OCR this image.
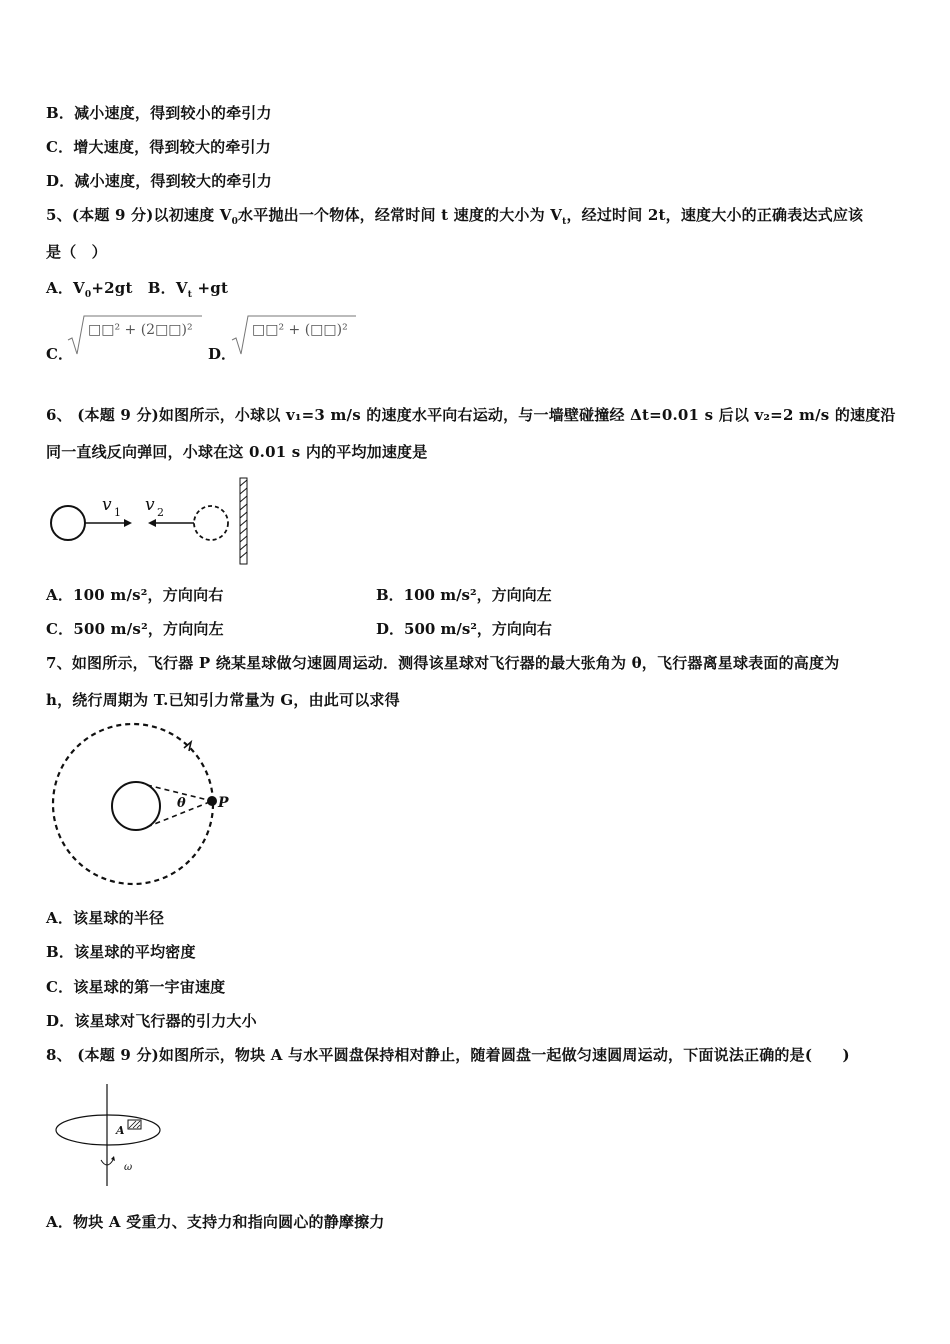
B．减小速度，得到较小的牵引力
C．增大速度，得到较大的牵引力
D．减小速度，得到较大的牵引力
5、(本题 9 分)以初速度 $V_0$水平抛出一个物体，经常时间 t 速度的大小为 $V_t$，经过时间 2t，速度大小的正确表达式应该
是（　）
A．$V_0+2gt$　B．$V_t +gt$
C．
□□² + (2□□)²
D．
□□² + (□□)²
6、 (本题 9 分)如图所示，小球以 v₁=3 m/s 的速度水平向右运动，与一墙壁碰撞经 Δt=0.01 s 后以 v₂=2 m/s 的速度沿
同一直线反向弹回，小球在这 0.01 s 内的平均加速度是
v 1 v 2
A．100 m/s²，方向向右	B．100 m/s²，方向向左
C．500 m/s²，方向向左	D．500 m/s²，方向向右
7、如图所示，飞行器 P 绕某星球做匀速圆周运动．测得该星球对飞行器的最大张角为 θ，飞行器离星球表面的高度为
h，绕行周期为 T.已知引力常量为 G，由此可以求得
θ P
A．该星球的半径
B．该星球的平均密度
C．该星球的第一宇宙速度
D．该星球对飞行器的引力大小
8、 (本题 9 分)如图所示，物块 A 与水平圆盘保持相对静止，随着圆盘一起做匀速圆周运动，下面说法正确的是(　　)
A
ω
A．物块 A 受重力、支持力和指向圆心的静摩擦力
